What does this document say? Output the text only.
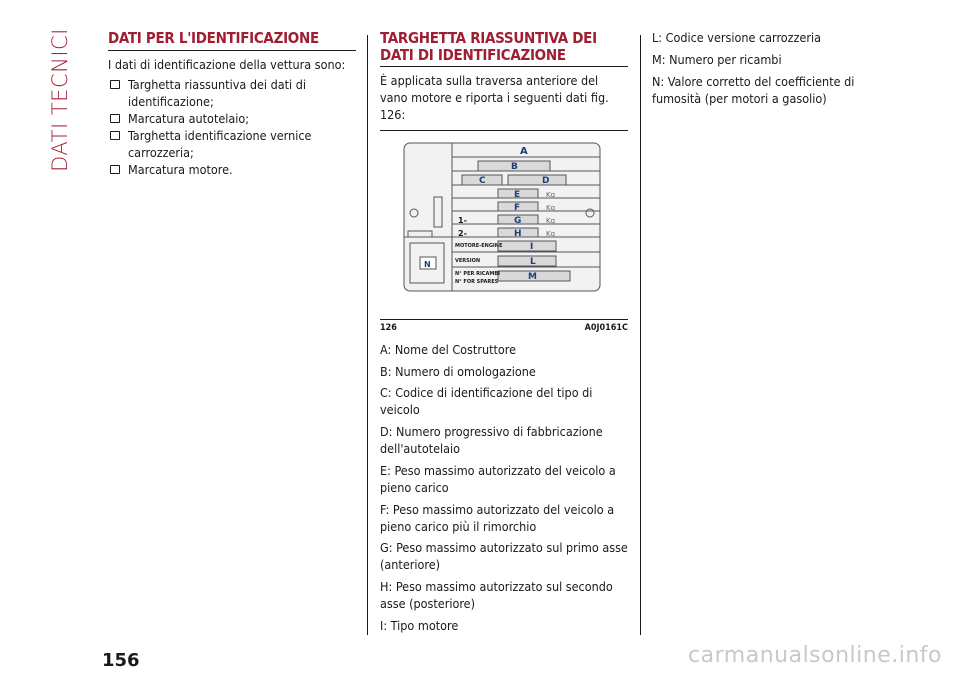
DATI TECNICI DATI PER L'IDENTIFICAZIONE

I dati di identificazione della vettura sono:

Targhetta riassuntiva dei dati di identificazione;
Marcatura autotelaio;
Targhetta identificazione vernice carrozzeria;
Marcatura motore.
TARGHETTA RIASSUNTIVA DEI DATI DI IDENTIFICAZIONE

È applicata sulla traversa anteriore del vano motore e riporta i seguenti dati fig. 126:

A
B
C	D
E
F
G
H
I
L
M
N
1-
2-
MOTORE-ENGINE
VERSION
N° PER RICAMBI
N° FOR SPARES
Kg
Kg
Kg
Kg
126	A0J0161C

A: Nome del Costruttore

B: Numero di omologazione

C: Codice di identificazione del tipo di veicolo

D: Numero progressivo di fabbricazione dell'autotelaio

E: Peso massimo autorizzato del veicolo a pieno carico

F: Peso massimo autorizzato del veicolo a pieno carico più il rimorchio

G: Peso massimo autorizzato sul primo asse (anteriore)

H: Peso massimo autorizzato sul secondo asse (posteriore)

I: Tipo motore

L: Codice versione carrozzeria

M: Numero per ricambi

N: Valore corretto del coefficiente di fumosità (per motori a gasolio)

156	carmanualsonline.info
